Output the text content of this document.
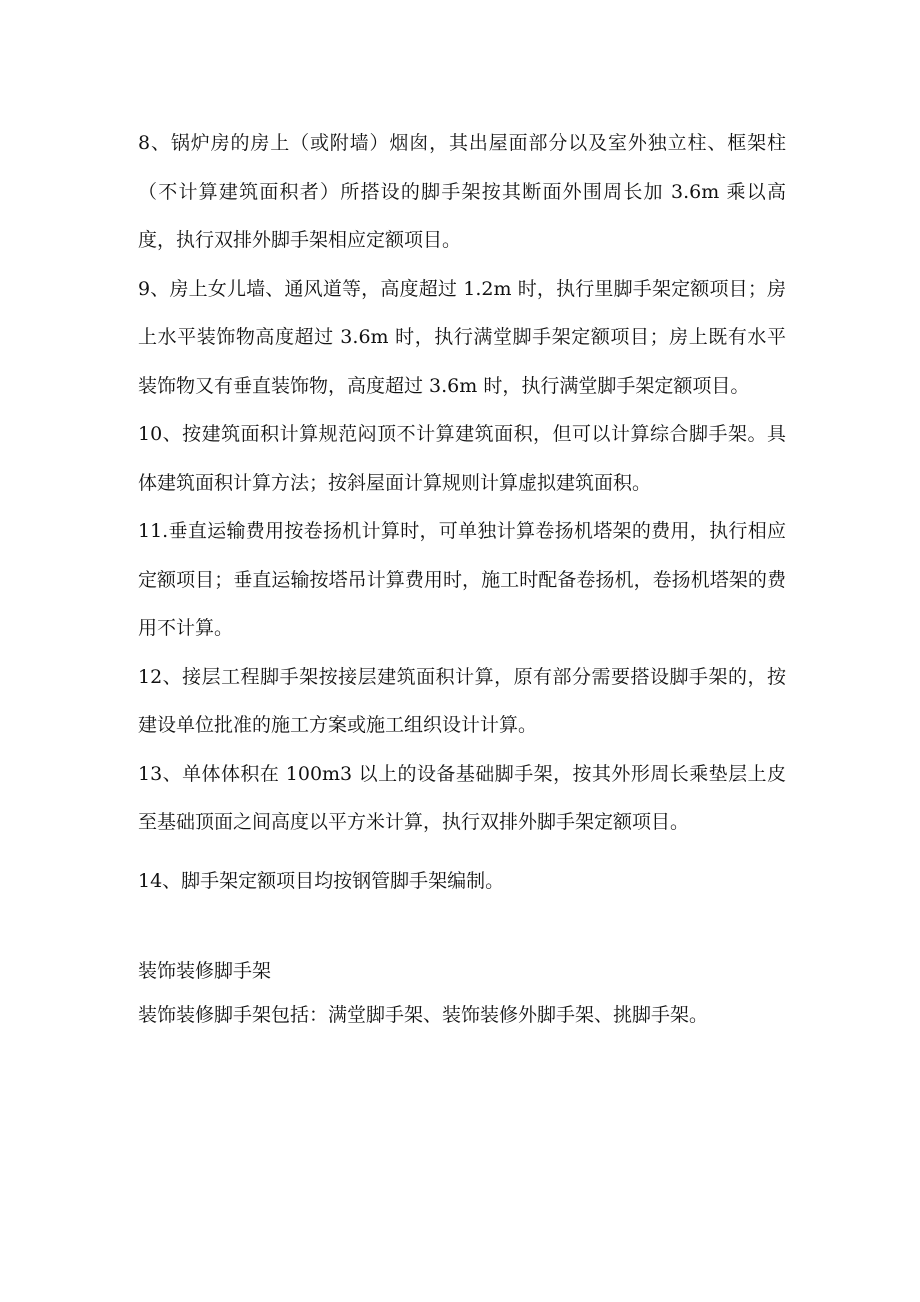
8、锅炉房的房上（或附墙）烟囱，其出屋面部分以及室外独立柱、框架柱（不计算建筑面积者）所搭设的脚手架按其断面外围周长加 3.6m 乘以高度，执行双排外脚手架相应定额项目。

9、房上女儿墙、通风道等，高度超过 1.2m 时，执行里脚手架定额项目；房上水平装饰物高度超过 3.6m 时，执行满堂脚手架定额项目；房上既有水平装饰物又有垂直装饰物，高度超过 3.6m 时，执行满堂脚手架定额项目。

10、按建筑面积计算规范闷顶不计算建筑面积，但可以计算综合脚手架。具体建筑面积计算方法；按斜屋面计算规则计算虚拟建筑面积。

11.垂直运输费用按卷扬机计算时，可单独计算卷扬机塔架的费用，执行相应定额项目；垂直运输按塔吊计算费用时，施工时配备卷扬机，卷扬机塔架的费用不计算。

12、接层工程脚手架按接层建筑面积计算，原有部分需要搭设脚手架的，按建设单位批准的施工方案或施工组织设计计算。

13、单体体积在 100m3 以上的设备基础脚手架，按其外形周长乘垫层上皮至基础顶面之间高度以平方米计算，执行双排外脚手架定额项目。

14、脚手架定额项目均按钢管脚手架编制。

装饰装修脚手架

装饰装修脚手架包括：满堂脚手架、装饰装修外脚手架、挑脚手架。
